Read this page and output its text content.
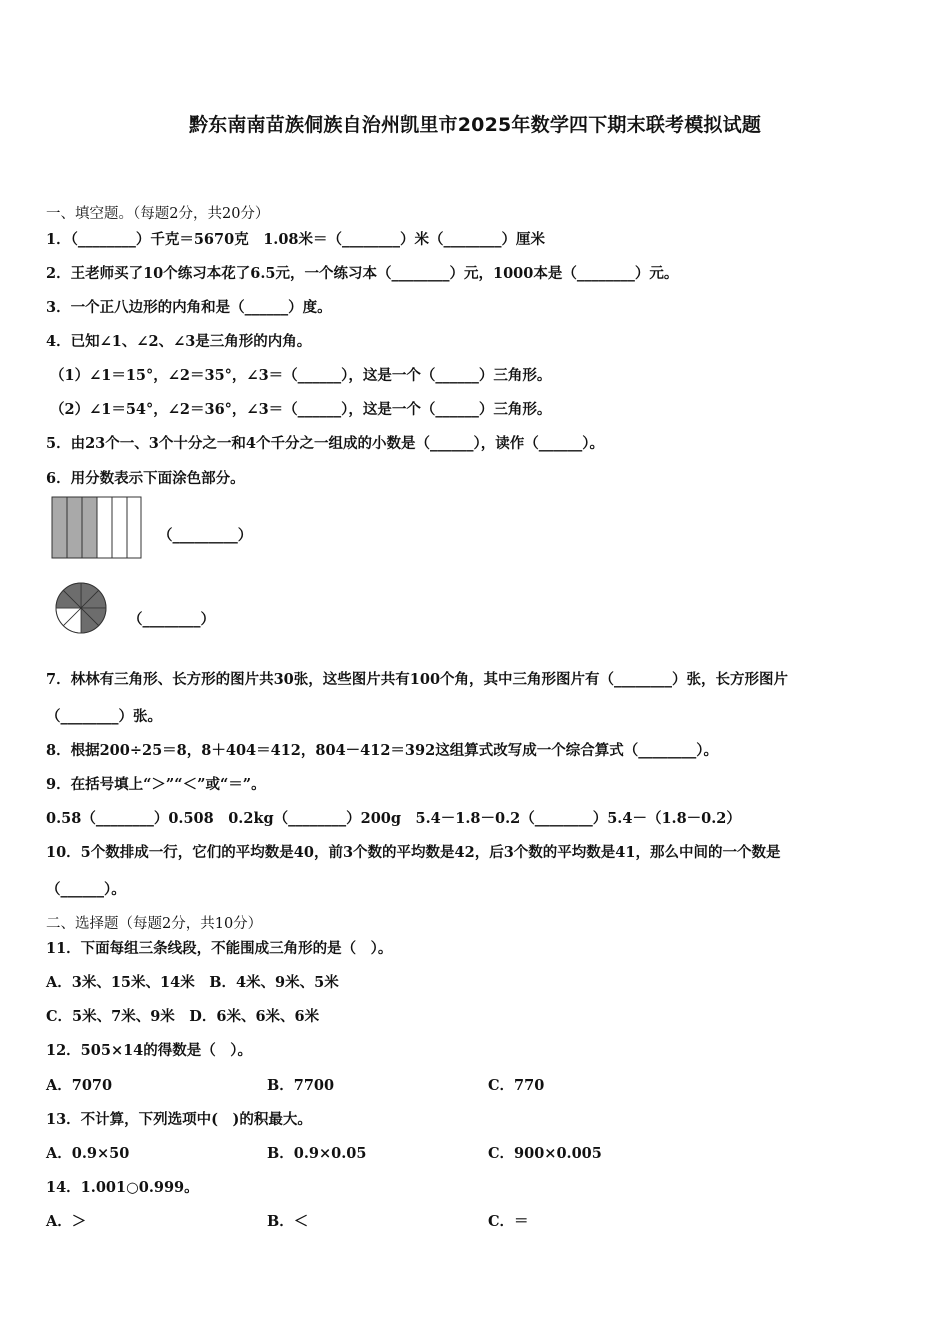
黔东南南苗族侗族自治州凯里市2025年数学四下期末联考模拟试题
一、填空题。（每题2分，共20分）
1．（________）千克＝5670克　1.08米＝（________）米（________）厘米
2．王老师买了10个练习本花了6.5元，一个练习本（________）元，1000本是（________）元。
3．一个正八边形的内角和是（______）度。
4．已知∠1、∠2、∠3是三角形的内角。
（1）∠1＝15°，∠2＝35°，∠3＝（______），这是一个（______）三角形。
（2）∠1＝54°，∠2＝36°，∠3＝（______），这是一个（______）三角形。
5．由23个一、3个十分之一和4个千分之一组成的小数是（______），读作（______）。
6．用分数表示下面涂色部分。
（_________）
（________）
7．林林有三角形、长方形的图片共30张，这些图片共有100个角，其中三角形图片有（________）张，长方形图片
（________）张。
8．根据200÷25＝8，8＋404＝412，804－412＝392这组算式改写成一个综合算式（________）。
9．在括号填上“＞”“＜”或“＝”。
0.58（________）0.508　0.2kg（________）200g　5.4－1.8－0.2（________）5.4－（1.8－0.2）
10．5个数排成一行，它们的平均数是40，前3个数的平均数是42，后3个数的平均数是41，那么中间的一个数是
（______）。
二、选择题（每题2分，共10分）
11．下面每组三条线段，不能围成三角形的是（　）。
A．3米、15米、14米　B．4米、9米、5米
C．5米、7米、9米　D．6米、6米、6米
12．505×14的得数是（　）。
A．7070	B．7700	C．770
13．不计算，下列选项中(　)的积最大。
A．0.9×50	B．0.9×0.05	C．900×0.005
14．1.001○0.999。
A．＞	B．＜	C．＝
